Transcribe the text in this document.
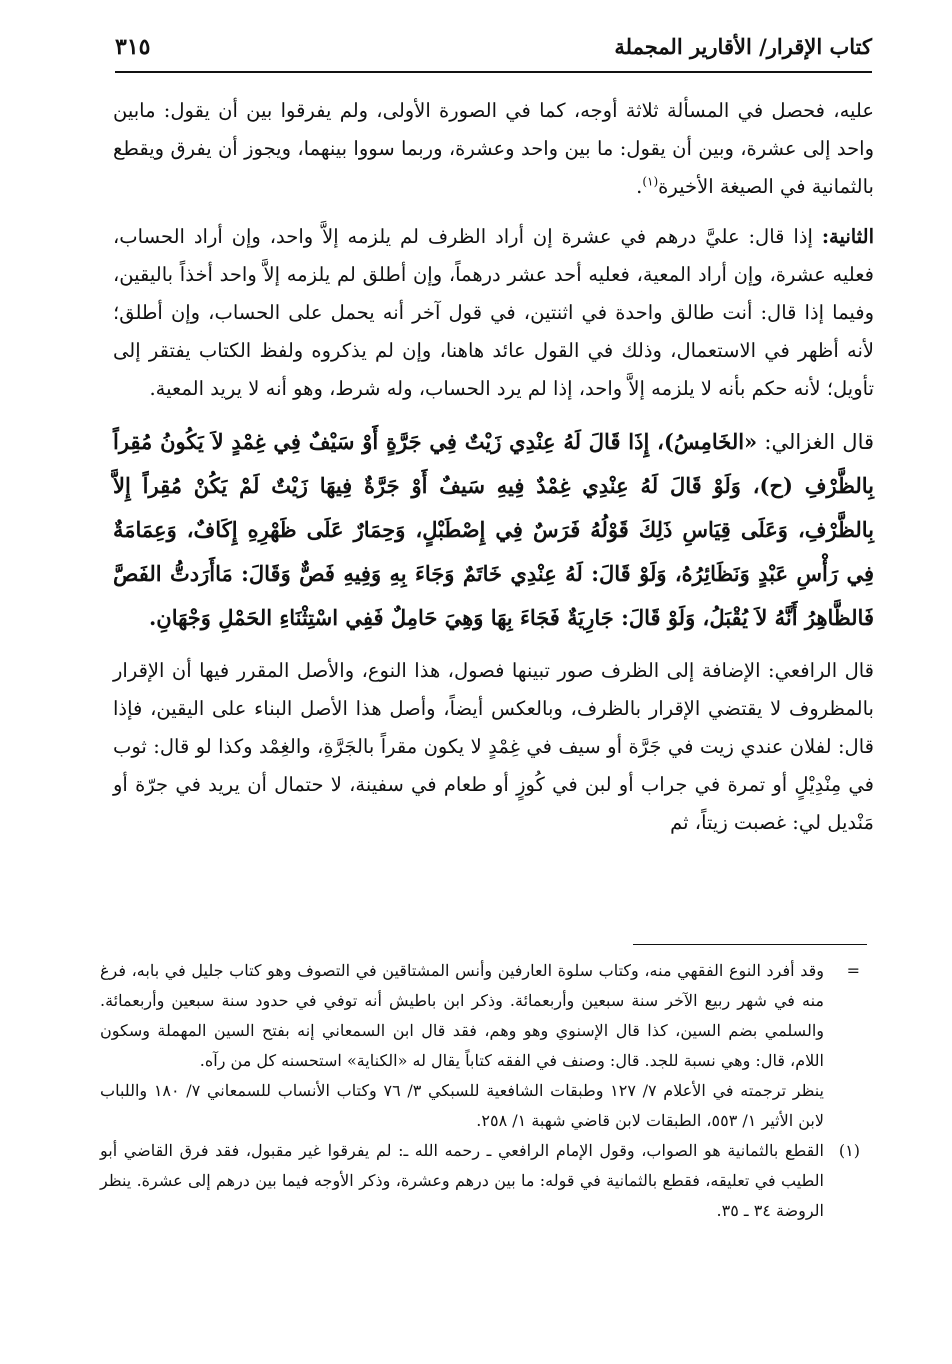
كتاب الإقرار/ الأقارير المجملة
٣١٥

عليه، فحصل في المسألة ثلاثة أوجه، كما في الصورة الأولى، ولم يفرقوا بين أن يقول: مابين واحد إلى عشرة، وبين أن يقول: ما بين واحد وعشرة، وربما سووا بينهما، ويجوز أن يفرق ويقطع بالثمانية في الصيغة الأخيرة$^{(١)}$.

الثانية: إذا قال: عليَّ درهم في عشرة إن أراد الظرف لم يلزمه إلاَّ واحد، وإن أراد الحساب، فعليه عشرة، وإن أراد المعية، فعليه أحد عشر درهماً، وإن أطلق لم يلزمه إلاَّ واحد أخذاً باليقين، وفيما إذا قال: أنت طالق واحدة في اثنتين، في قول آخر أنه يحمل على الحساب، وإن أطلق؛ لأنه أظهر في الاستعمال، وذلك في القول عائد هاهنا، وإن لم يذكروه ولفظ الكتاب يفتقر إلى تأويل؛ لأنه حكم بأنه لا يلزمه إلاَّ واحد، إذا لم يرد الحساب، وله شرط، وهو أنه لا يريد المعية.

قال الغزالي: «الخَامِسُ)، إِذَا قَالَ لَهُ عِنْدِي زَيْتٌ فِي جَرَّةٍ أَوْ سَيْفٌ فِي غِمْدٍ لاَ يَكُونُ مُقِراً بِالظَّرْفِ (ح)، وَلَوْ قَالَ لَهُ عِنْدِي غِمْدٌ فِيهِ سَيفٌ أَوْ جَرَّةٌ فِيهَا زَيْتٌ لَمْ يَكُنْ مُقِراً إِلاَّ بِالظَّرْفِ، وَعَلَى قِيَاسِ ذَلِكَ قَوْلُهُ فَرَسٌ فِي إِصْطَبْلٍ، وَحِمَارٌ عَلَى ظَهْرِهِ إِكَافٌ، وَعِمَامَةٌ فِي رَأْسِ عَبْدٍ وَنَظَائِرُهُ، وَلَوْ قَالَ: لَهُ عِنْدِي خَاتَمٌ وَجَاءَ بِهِ وَفِيهِ فَصٌّ وَقَالَ: مَاأَرَدتُّ الفَصَّ فَالظَّاهِرُ أَنَّهُ لاَ يُقْبَلُ، وَلَوْ قَالَ: جَارِيَةٌ فَجَاءَ بِهَا وَهِيَ حَامِلٌ فَفِي اسْتِثْنَاءِ الحَمْلِ وَجْهَانِ.

قال الرافعي: الإضافة إلى الظرف صور تبينها فصول، هذا النوع، والأصل المقرر فيها أن الإقرار بالمظروف لا يقتضي الإقرار بالظرف، وبالعكس أيضاً، وأصل هذا الأصل البناء على اليقين، فإذا قال: لفلان عندي زيت في جَرَّة أو سيف في غِمْدٍ لا يكون مقراً بالجَرَّةِ، والغِمْد وكذا لو قال: ثوب في مِنْدِيْلٍ أو تمرة في جراب أو لبن في كُوزٍ أو طعام في سفينة، لا حتمال أن يريد في جرّة أو مَنْديل لي: غصبت زيتاً، ثم

=

وقد أفرد النوع الفقهي منه، وكتاب سلوة العارفين وأنس المشتاقين في التصوف وهو كتاب جليل في بابه، فرغ منه في شهر ربيع الآخر سنة سبعين وأربعمائة. وذكر ابن باطيش أنه توفي في حدود سنة سبعين وأربعمائة. والسلمي بضم السين، كذا قال الإسنوي وهو وهم، فقد قال ابن السمعاني إنه بفتح السين المهملة وسكون اللام، قال: وهي نسبة للجد. قال: وصنف في الفقه كتاباً يقال له «الكناية» استحسنه كل من رآه.

ينظر ترجمته في الأعلام ٧/ ١٢٧ وطبقات الشافعية للسبكي ٣/ ٧٦ وكتاب الأنساب للسمعاني ٧/ ١٨٠ واللباب لابن الأثير ١/ ٥٥٣، الطبقات لابن قاضي شهبة ١/ ٢٥٨.

(١)

القطع بالثمانية هو الصواب، وقول الإمام الرافعي ـ رحمه الله ـ: لم يفرقوا غير مقبول، فقد فرق القاضي أبو الطيب في تعليقه، فقطع بالثمانية في قوله: ما بين درهم وعشرة، وذكر الأوجه فيما بين درهم إلى عشرة. ينظر الروضة ٣٤ ـ ٣٥.
